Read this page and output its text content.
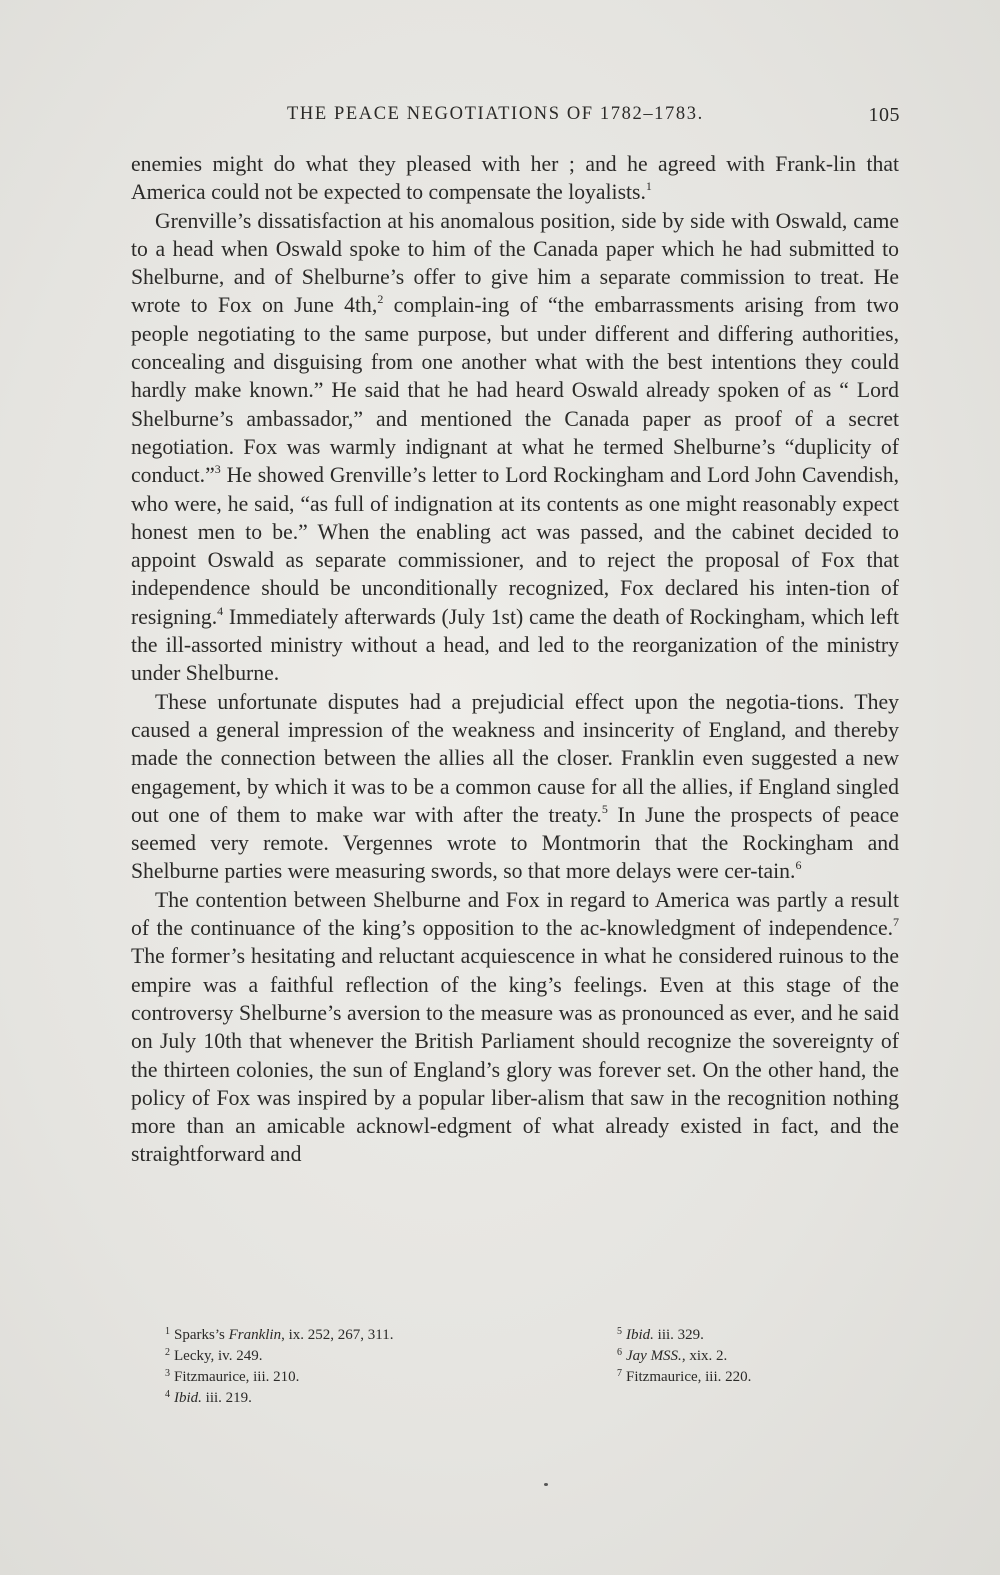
THE PEACE NEGOTIATIONS OF 1782–1783.	105

enemies might do what they pleased with her ; and he agreed with Frank-lin that America could not be expected to compensate the loyalists.$^1$

Grenville’s dissatisfaction at his anomalous position, side by side with Oswald, came to a head when Oswald spoke to him of the Canada paper which he had submitted to Shelburne, and of Shelburne’s offer to give him a separate commission to treat. He wrote to Fox on June 4th,$^2$ complain-ing of “the embarrassments arising from two people negotiating to the same purpose, but under different and differing authorities, concealing and disguising from one another what with the best intentions they could hardly make known.” He said that he had heard Oswald already spoken of as “ Lord Shelburne’s ambassador,” and mentioned the Canada paper as proof of a secret negotiation. Fox was warmly indignant at what he termed Shelburne’s “duplicity of conduct.”$^3$ He showed Grenville’s letter to Lord Rockingham and Lord John Cavendish, who were, he said, “as full of indignation at its contents as one might reasonably expect honest men to be.” When the enabling act was passed, and the cabinet decided to appoint Oswald as separate commissioner, and to reject the proposal of Fox that independence should be unconditionally recognized, Fox declared his inten-tion of resigning.$^4$ Immediately afterwards (July 1st) came the death of Rockingham, which left the ill-assorted ministry without a head, and led to the reorganization of the ministry under Shelburne.

These unfortunate disputes had a prejudicial effect upon the negotia-tions. They caused a general impression of the weakness and insincerity of England, and thereby made the connection between the allies all the closer. Franklin even suggested a new engagement, by which it was to be a common cause for all the allies, if England singled out one of them to make war with after the treaty.$^5$ In June the prospects of peace seemed very remote. Vergennes wrote to Montmorin that the Rockingham and Shelburne parties were measuring swords, so that more delays were cer-tain.$^6$

The contention between Shelburne and Fox in regard to America was partly a result of the continuance of the king’s opposition to the ac-knowledgment of independence.$^7$ The former’s hesitating and reluctant acquiescence in what he considered ruinous to the empire was a faithful reflection of the king’s feelings. Even at this stage of the controversy Shelburne’s aversion to the measure was as pronounced as ever, and he said on July 10th that whenever the British Parliament should recognize the sovereignty of the thirteen colonies, the sun of England’s glory was forever set. On the other hand, the policy of Fox was inspired by a popular liber-alism that saw in the recognition nothing more than an amicable acknowl-edgment of what already existed in fact, and the straightforward and

$^1$ Sparks’s Franklin, ix. 252, 267, 311.
$^2$ Lecky, iv. 249.
$^3$ Fitzmaurice, iii. 210.
$^4$ Ibid. iii. 219.
$^5$ Ibid. iii. 329.
$^6$ Jay MSS., xix. 2.
$^7$ Fitzmaurice, iii. 220.
